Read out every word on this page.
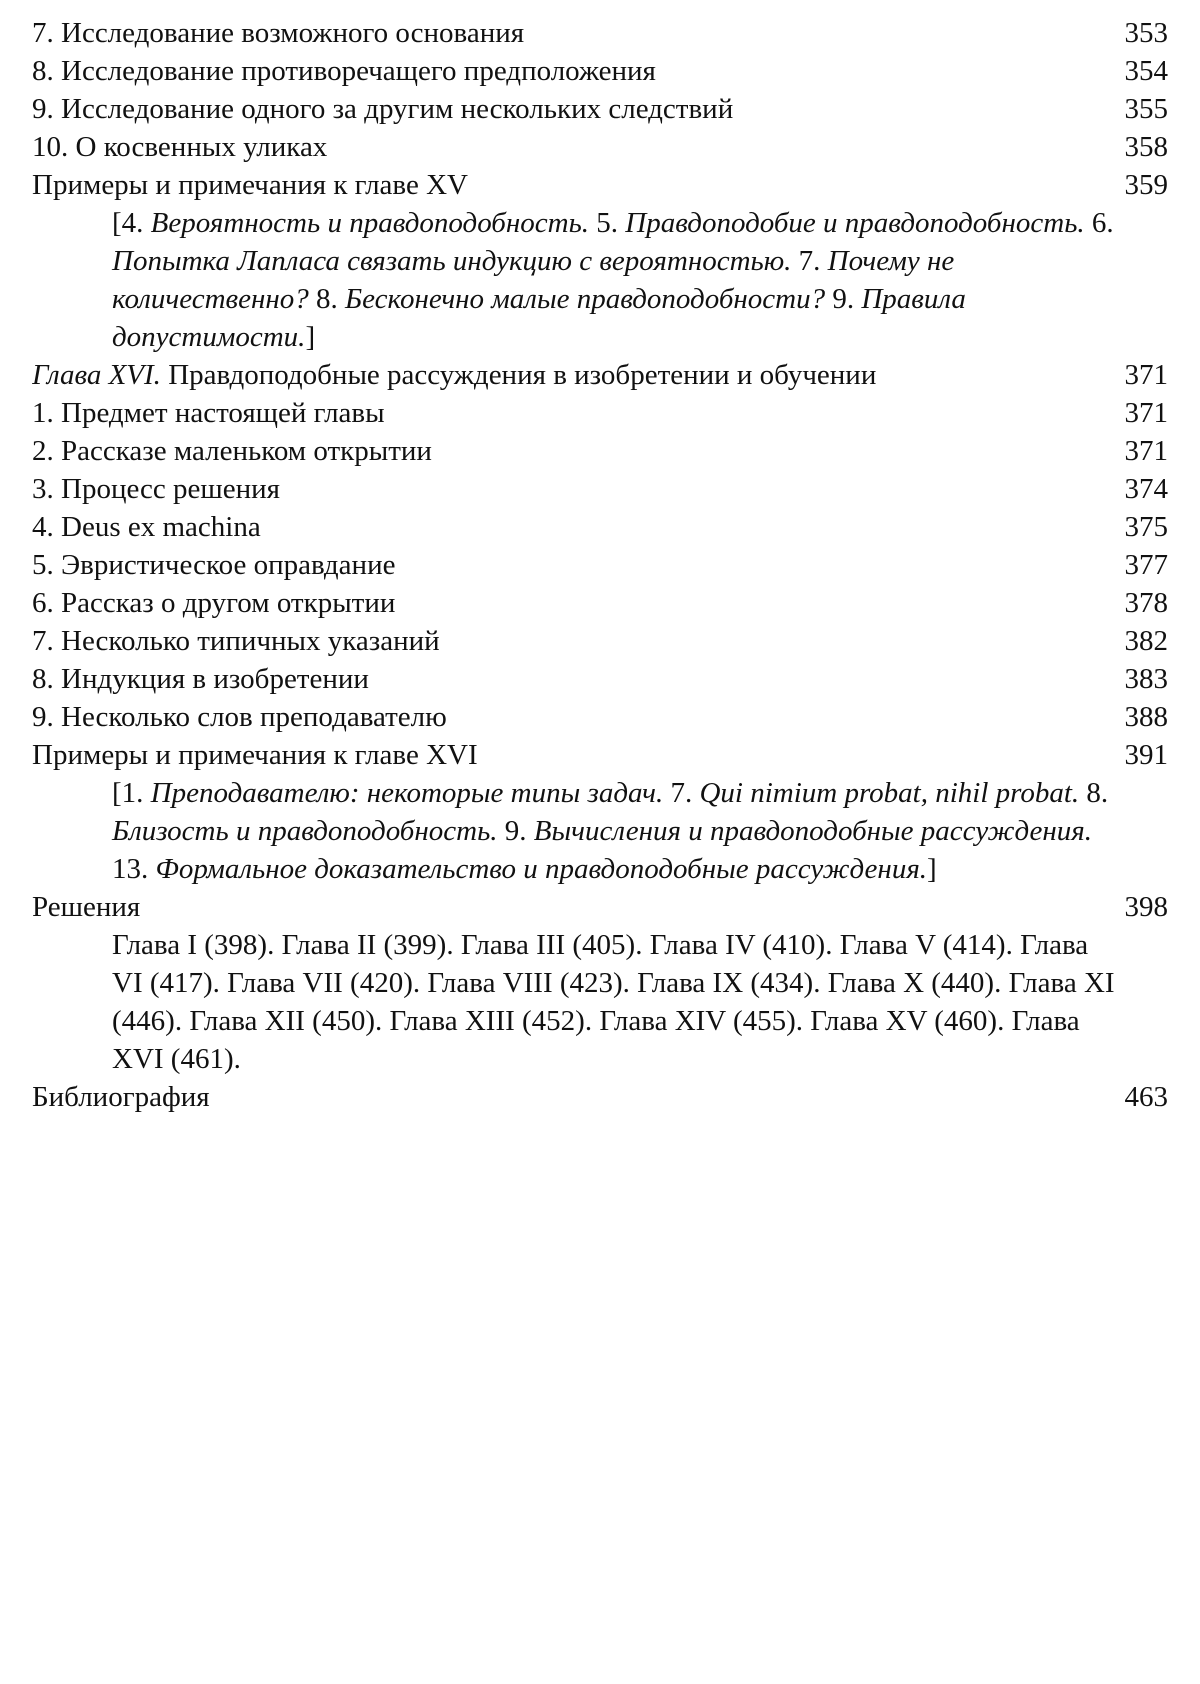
7. Исследование возможного основания	353
8. Исследование противоречащего предположения	354
9. Исследование одного за другим нескольких следствий	355
10. О косвенных уликах	358
Примеры и примечания к главе XV	359
[4. Вероятность и правдоподобность. 5. Правдоподобие и правдоподобность. 6. Попытка Лапласа связать индукцию с вероятностью. 7. Почему не количественно? 8. Бесконечно малые правдоподобности? 9. Правила допустимости.]
Глава XVI. Правдоподобные рассуждения в изобретении и обучении	371
1. Предмет настоящей главы	371
2. Рассказе маленьком открытии	371
3. Процесс решения	374
4. Deus ex machina	375
5. Эвристическое оправдание	377
6. Рассказ о другом открытии	378
7. Несколько типичных указаний	382
8. Индукция в изобретении	383
9. Несколько слов преподавателю	388
Примеры и примечания к главе XVI	391
[1. Преподавателю: некоторые типы задач. 7. Qui nimium probat, nihil probat. 8. Близость и правдоподобность. 9. Вычисления и правдоподобные рассуждения. 13. Формальное доказательство и правдоподобные рассуждения.]
Решения	398
Глава I (398). Глава II (399). Глава III (405). Глава IV (410). Глава V (414). Глава VI (417). Глава VII (420). Глава VIII (423). Глава IX (434). Глава X (440). Глава XI (446). Глава XII (450). Глава XIII (452). Глава XIV (455). Глава XV (460). Глава XVI (461).
Библиография	463
